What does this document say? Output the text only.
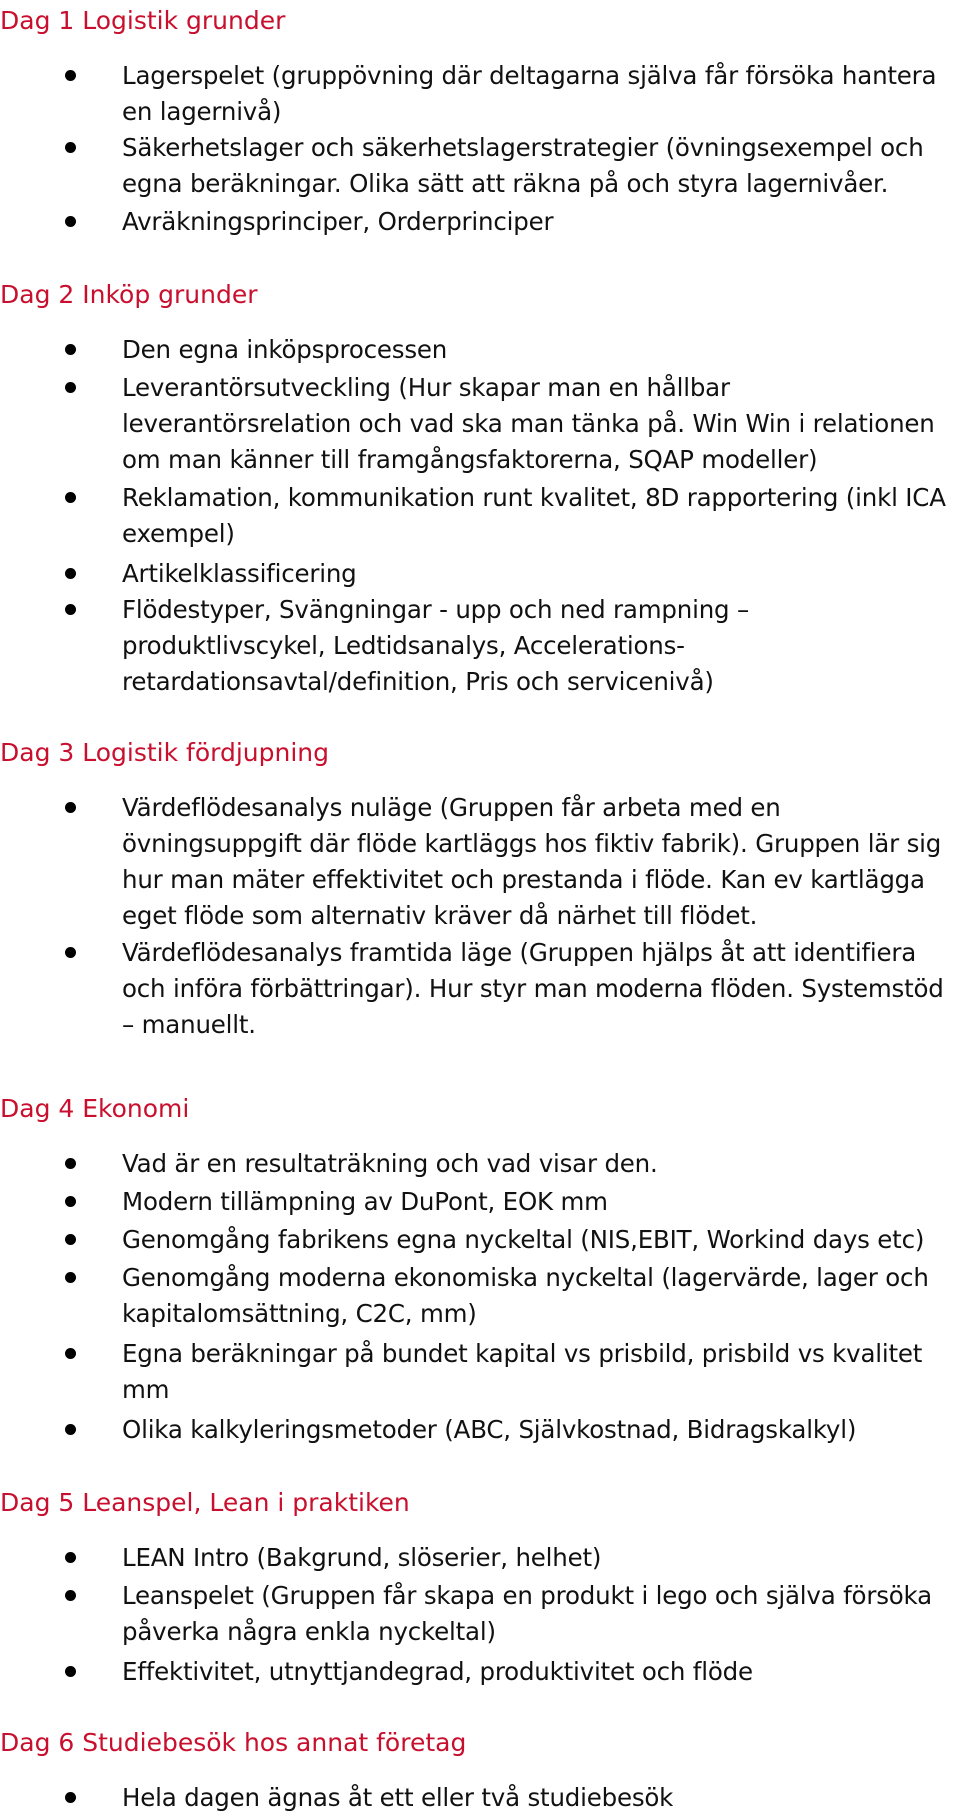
Dag 1 Logistik grunder

Lagerspelet (gruppövning där deltagarna själva får försöka hantera en lagernivå)

Säkerhetslager och säkerhetslagerstrategier (övningsexempel och egna beräkningar. Olika sätt att räkna på och styra lagernivåer.

Avräkningsprinciper, Orderprinciper

Dag 2 Inköp grunder

Den egna inköpsprocessen

Leverantörsutveckling (Hur skapar man en hållbar leverantörsrelation och vad ska man tänka på. Win Win i relationen om man känner till framgångsfaktorerna, SQAP modeller)

Reklamation, kommunikation runt kvalitet, 8D rapportering (inkl ICA exempel)

Artikelklassificering

Flödestyper, Svängningar - upp och ned rampning – produktlivscykel, Ledtidsanalys, Accelerations-retardationsavtal/definition, Pris och servicenivå)

Dag 3 Logistik fördjupning

Värdeflödesanalys nuläge (Gruppen får arbeta med en övningsuppgift där flöde kartläggs hos fiktiv fabrik). Gruppen lär sig hur man mäter effektivitet och prestanda i flöde. Kan ev kartlägga eget flöde som alternativ kräver då närhet till flödet.

Värdeflödesanalys framtida läge (Gruppen hjälps åt att identifiera och införa förbättringar). Hur styr man moderna flöden. Systemstöd – manuellt.

Dag 4 Ekonomi

Vad är en resultaträkning och vad visar den.

Modern tillämpning av DuPont, EOK mm

Genomgång fabrikens egna nyckeltal (NIS,EBIT, Workind days etc)

Genomgång moderna ekonomiska nyckeltal (lagervärde, lager och kapitalomsättning, C2C, mm)

Egna beräkningar på bundet kapital vs prisbild, prisbild vs kvalitet mm

Olika kalkyleringsmetoder (ABC, Självkostnad, Bidragskalkyl)

Dag 5 Leanspel, Lean i praktiken

LEAN Intro (Bakgrund, slöserier, helhet)

Leanspelet (Gruppen får skapa en produkt i lego och själva försöka påverka några enkla nyckeltal)

Effektivitet, utnyttjandegrad, produktivitet och flöde

Dag 6 Studiebesök hos annat företag

Hela dagen ägnas åt ett eller två studiebesök
